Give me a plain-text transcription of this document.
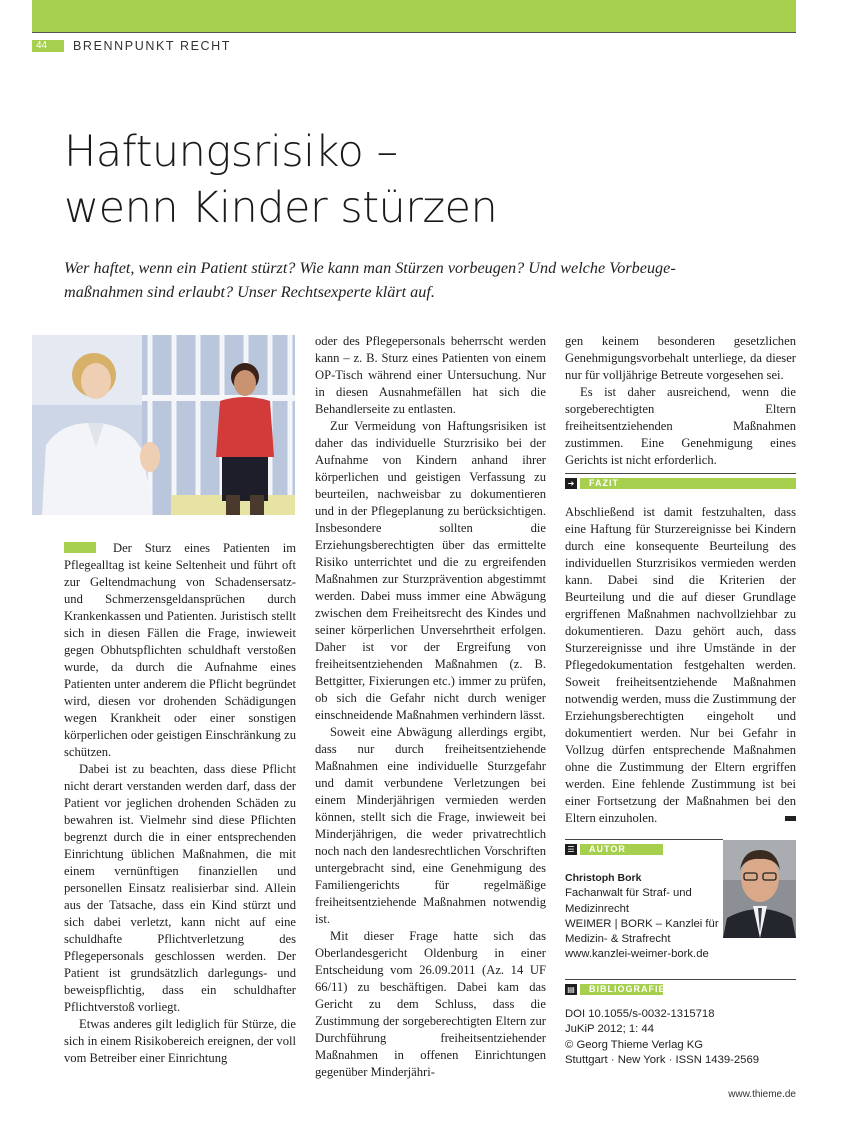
44	BRENNPUNKT RECHT
Haftungsrisiko –
wenn Kinder stürzen
Wer haftet, wenn ein Patient stürzt? Wie kann man Stürzen vorbeugen? Und welche Vorbeuge-
maßnahmen sind erlaubt? Unser Rechtsexperte klärt auf.

Der Sturz eines Patienten im Pflegealltag ist keine Seltenheit und führt oft zur Geltendmachung von Schadensersatz- und Schmerzensgeldansprüchen durch Krankenkassen und Patienten. Juristisch stellt sich in diesen Fällen die Frage, inwieweit gegen Obhutspflichten schuldhaft verstoßen wurde, da durch die Aufnahme eines Patienten unter anderem die Pflicht begründet wird, diesen vor drohenden Schädigungen wegen Krankheit oder einer sonstigen körperlichen oder geistigen Einschränkung zu schützen.

Dabei ist zu beachten, dass diese Pflicht nicht derart verstanden werden darf, dass der Patient vor jeglichen drohenden Schäden zu bewahren ist. Vielmehr sind diese Pflichten begrenzt durch die in einer entsprechenden Einrichtung üblichen Maßnahmen, die mit einem vernünftigen finanziellen und personellen Einsatz realisierbar sind. Allein aus der Tatsache, dass ein Kind stürzt und sich dabei verletzt, kann nicht auf eine schuldhafte Pflichtverletzung des Pflegepersonals geschlossen werden. Der Patient ist grundsätzlich darlegungs- und beweispflichtig, dass ein schuldhafter Pflichtverstoß vorliegt.

Etwas anderes gilt lediglich für Stürze, die sich in einem Risikobereich ereignen, der voll vom Betreiber einer Einrichtung

oder des Pflegepersonals beherrscht werden kann – z. B. Sturz eines Patienten von einem OP-Tisch während einer Untersuchung. Nur in diesen Ausnahmefällen hat sich die Behandlerseite zu entlasten.

Zur Vermeidung von Haftungsrisiken ist daher das individuelle Sturzrisiko bei der Aufnahme von Kindern anhand ihrer körperlichen und geistigen Verfassung zu beurteilen, nachweisbar zu dokumentieren und in der Pflegeplanung zu berücksichtigen. Insbesondere sollten die Erziehungsberechtigten über das ermittelte Risiko unterrichtet und die zu ergreifenden Maßnahmen zur Sturzprävention abgestimmt werden. Dabei muss immer eine Abwägung zwischen dem Freiheitsrecht des Kindes und seiner körperlichen Unversehrtheit erfolgen. Daher ist vor der Ergreifung von freiheitsentziehenden Maßnahmen (z. B. Bettgitter, Fixierungen etc.) immer zu prüfen, ob sich die Gefahr nicht durch weniger einschneidende Maßnahmen verhindern lässt.

Soweit eine Abwägung allerdings ergibt, dass nur durch freiheitsentziehende Maßnahmen eine individuelle Sturzgefahr und damit verbundene Verletzungen bei einem Minderjährigen vermieden werden können, stellt sich die Frage, inwieweit bei Minderjährigen, die weder privatrechtlich noch nach den landesrechtlichen Vorschriften untergebracht sind, eine Genehmigung des Familiengerichts für regelmäßige freiheitsentziehende Maßnahmen notwendig ist.

Mit dieser Frage hatte sich das Oberlandesgericht Oldenburg in einer Entscheidung vom 26.09.2011 (Az. 14 UF 66/11) zu beschäftigen. Dabei kam das Gericht zu dem Schluss, dass die Zustimmung der sorgeberechtigten Eltern zur Durchführung freiheitsentziehender Maßnahmen in offenen Einrichtungen gegenüber Minderjähri-

gen keinem besonderen gesetzlichen Genehmigungsvorbehalt unterliege, da dieser nur für volljährige Betreute vorgesehen sei.

Es ist daher ausreichend, wenn die sorgeberechtigten Eltern freiheitsentziehenden Maßnahmen zustimmen. Eine Genehmigung eines Gerichts ist nicht erforderlich.

➜	FAZIT

Abschließend ist damit festzuhalten, dass eine Haftung für Sturzereignisse bei Kindern durch eine konsequente Beurteilung des individuellen Sturzrisikos vermieden werden kann. Dabei sind die Kriterien der Beurteilung und die auf dieser Grundlage ergriffenen Maßnahmen nachvollziehbar zu dokumentieren. Dazu gehört auch, dass Sturzereignisse und ihre Umstände in der Pflegedokumentation festgehalten werden. Soweit freiheitsentziehende Maßnahmen notwendig werden, muss die Zustimmung der Erziehungsberechtigten eingeholt und dokumentiert werden. Nur bei Gefahr in Vollzug dürfen entsprechende Maßnahmen ohne die Zustimmung der Eltern ergriffen werden. Eine fehlende Zustimmung ist bei einer Fortsetzung der Maßnahmen bei den Eltern einzuholen.

☰	AUTOR
Christoph Bork
Fachanwalt für Straf- und
Medizinrecht
WEIMER | BORK – Kanzlei für
Medizin- & Strafrecht
www.kanzlei-weimer-bork.de
▤	BIBLIOGRAFIE
DOI 10.1055/s-0032-1315718
JuKiP 2012; 1: 44
© Georg Thieme Verlag KG
Stuttgart · New York · ISSN 1439-2569
www.thieme.de
